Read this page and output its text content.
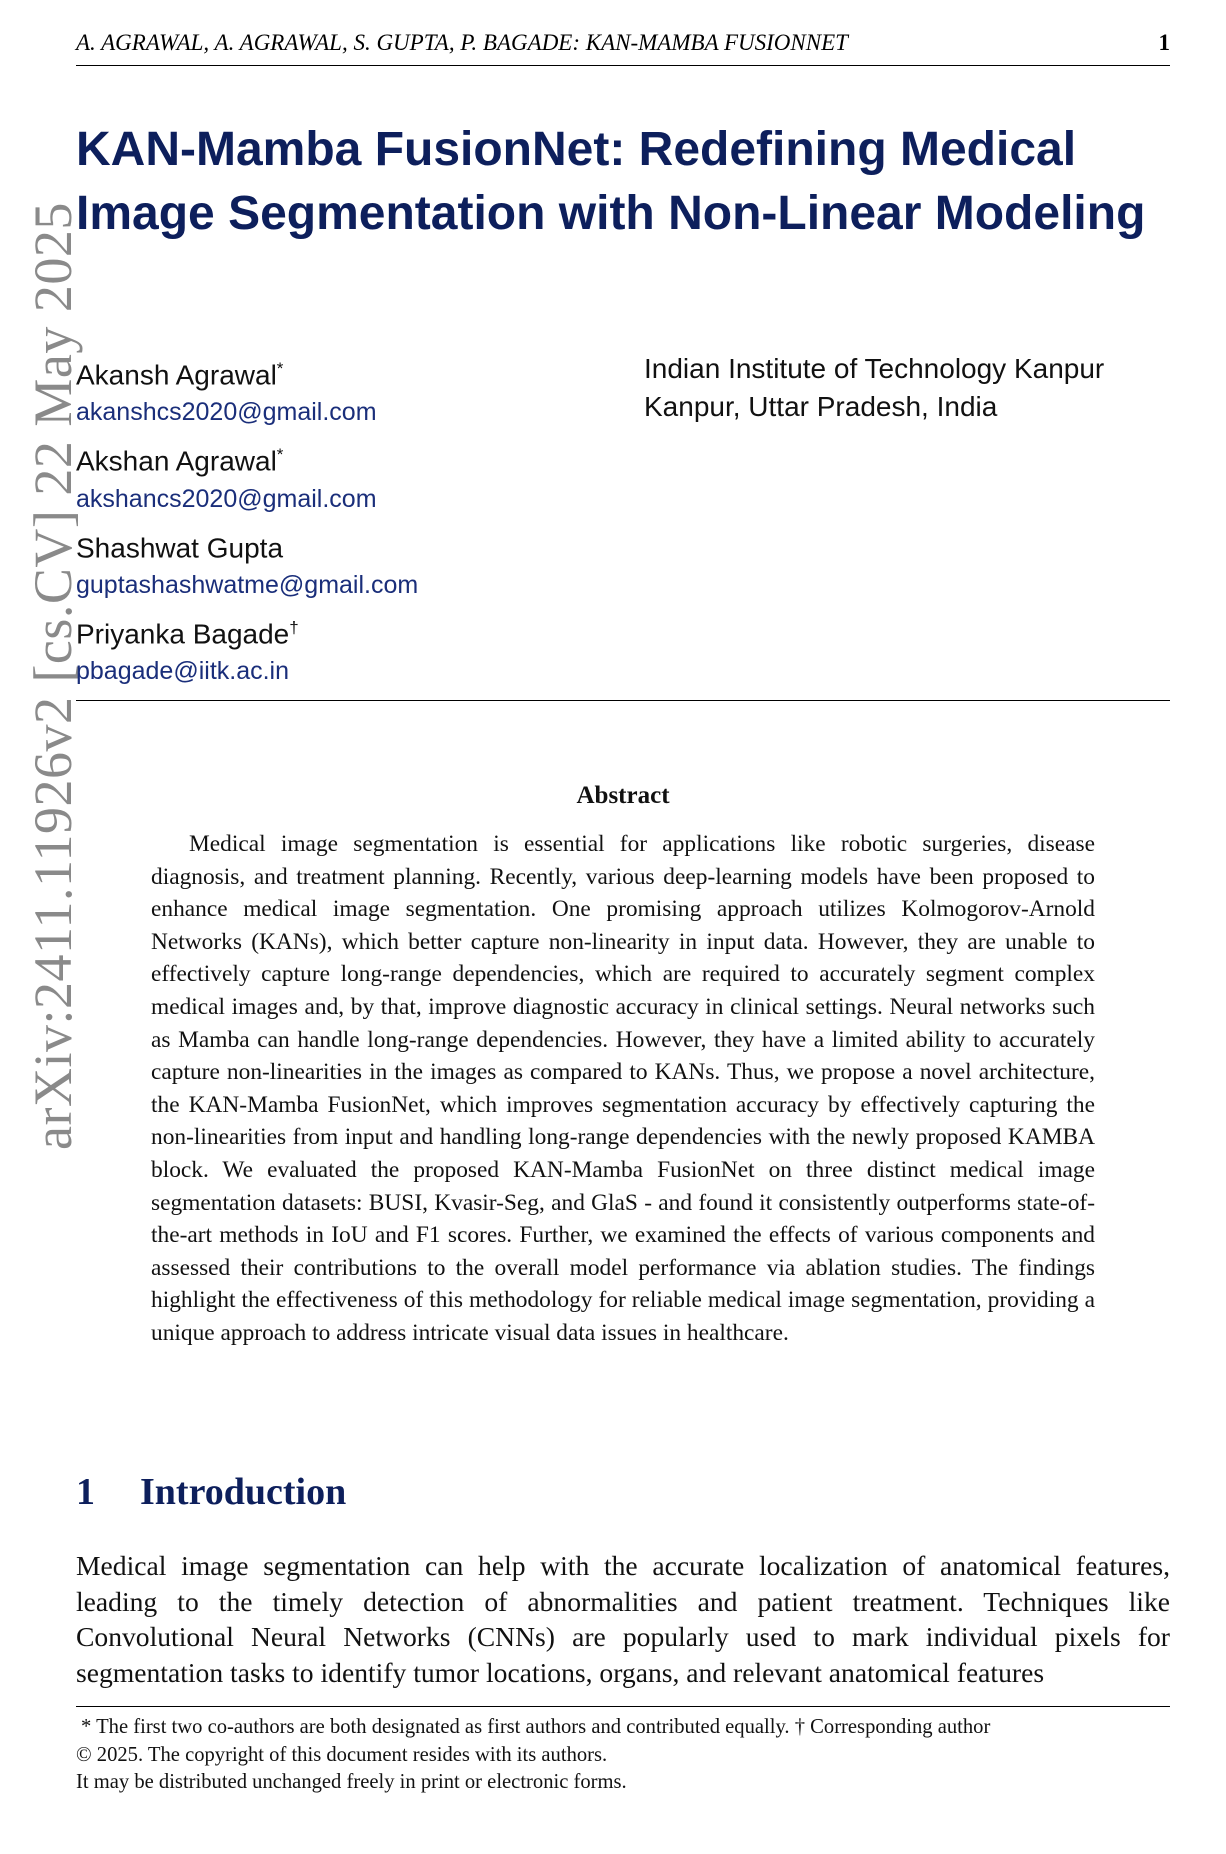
A. AGRAWAL, A. AGRAWAL, S. GUPTA, P. BAGADE: KAN-MAMBA FUSIONNET	1
arXiv:2411.11926v2 [cs.CV] 22 May 2025
KAN-Mamba FusionNet: Redefining Medical Image Segmentation with Non-Linear Modeling
Akansh Agrawal*
akanshcs2020@gmail.com
Akshan Agrawal*
akshancs2020@gmail.com
Shashwat Gupta
guptashashwatme@gmail.com
Priyanka Bagade†
pbagade@iitk.ac.in
Indian Institute of Technology Kanpur
Kanpur, Uttar Pradesh, India
Abstract

Medical image segmentation is essential for applications like robotic surgeries, disease diagnosis, and treatment planning. Recently, various deep-learning models have been proposed to enhance medical image segmentation. One promising approach utilizes Kolmogorov-Arnold Networks (KANs), which better capture non-linearity in input data. However, they are unable to effectively capture long-range dependencies, which are required to accurately segment complex medical images and, by that, improve diagnostic accuracy in clinical settings. Neural networks such as Mamba can handle long-range dependencies. However, they have a limited ability to accurately capture non-linearities in the images as compared to KANs. Thus, we propose a novel architecture, the KAN-Mamba FusionNet, which improves segmentation accuracy by effectively capturing the non-linearities from input and handling long-range dependencies with the newly proposed KAMBA block. We evaluated the proposed KAN-Mamba FusionNet on three distinct medical image segmentation datasets: BUSI, Kvasir-Seg, and GlaS - and found it consistently outperforms state-of-the-art methods in IoU and F1 scores. Further, we examined the effects of various components and assessed their contributions to the overall model performance via ablation studies. The findings highlight the effectiveness of this methodology for reliable medical image segmentation, providing a unique approach to address intricate visual data issues in healthcare.

1 Introduction

Medical image segmentation can help with the accurate localization of anatomical features, leading to the timely detection of abnormalities and patient treatment. Techniques like Convolutional Neural Networks (CNNs) are popularly used to mark individual pixels for segmentation tasks to identify tumor locations, organs, and relevant anatomical features

* The first two co-authors are both designated as first authors and contributed equally. † Corresponding author
© 2025. The copyright of this document resides with its authors.
It may be distributed unchanged freely in print or electronic forms.
